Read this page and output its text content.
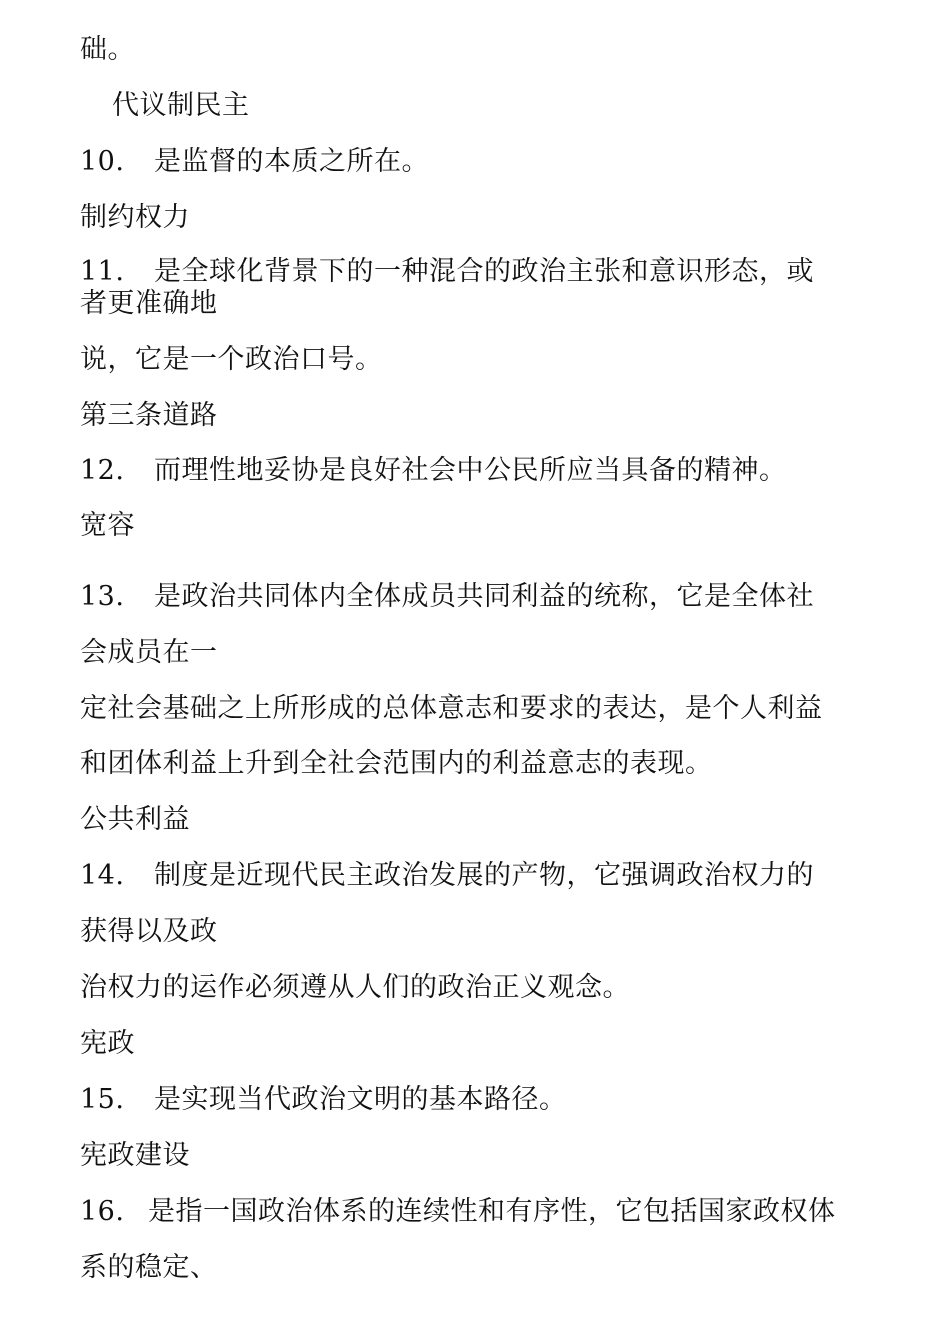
础。
代议制民主
10. 是监督的本质之所在。
制约权力
11. 是全球化背景下的一种混合的政治主张和意识形态，或
者更准确地
说，它是一个政治口号。
第三条道路
12. 而理性地妥协是良好社会中公民所应当具备的精神。
宽容
13. 是政治共同体内全体成员共同利益的统称，它是全体社
会成员在一
定社会基础之上所形成的总体意志和要求的表达，是个人利益
和团体利益上升到全社会范围内的利益意志的表现。
公共利益
14. 制度是近现代民主政治发展的产物，它强调政治权力的
获得以及政
治权力的运作必须遵从人们的政治正义观念。
宪政
15. 是实现当代政治文明的基本路径。
宪政建设
16. 是指一国政治体系的连续性和有序性，它包括国家政权体
系的稳定、
